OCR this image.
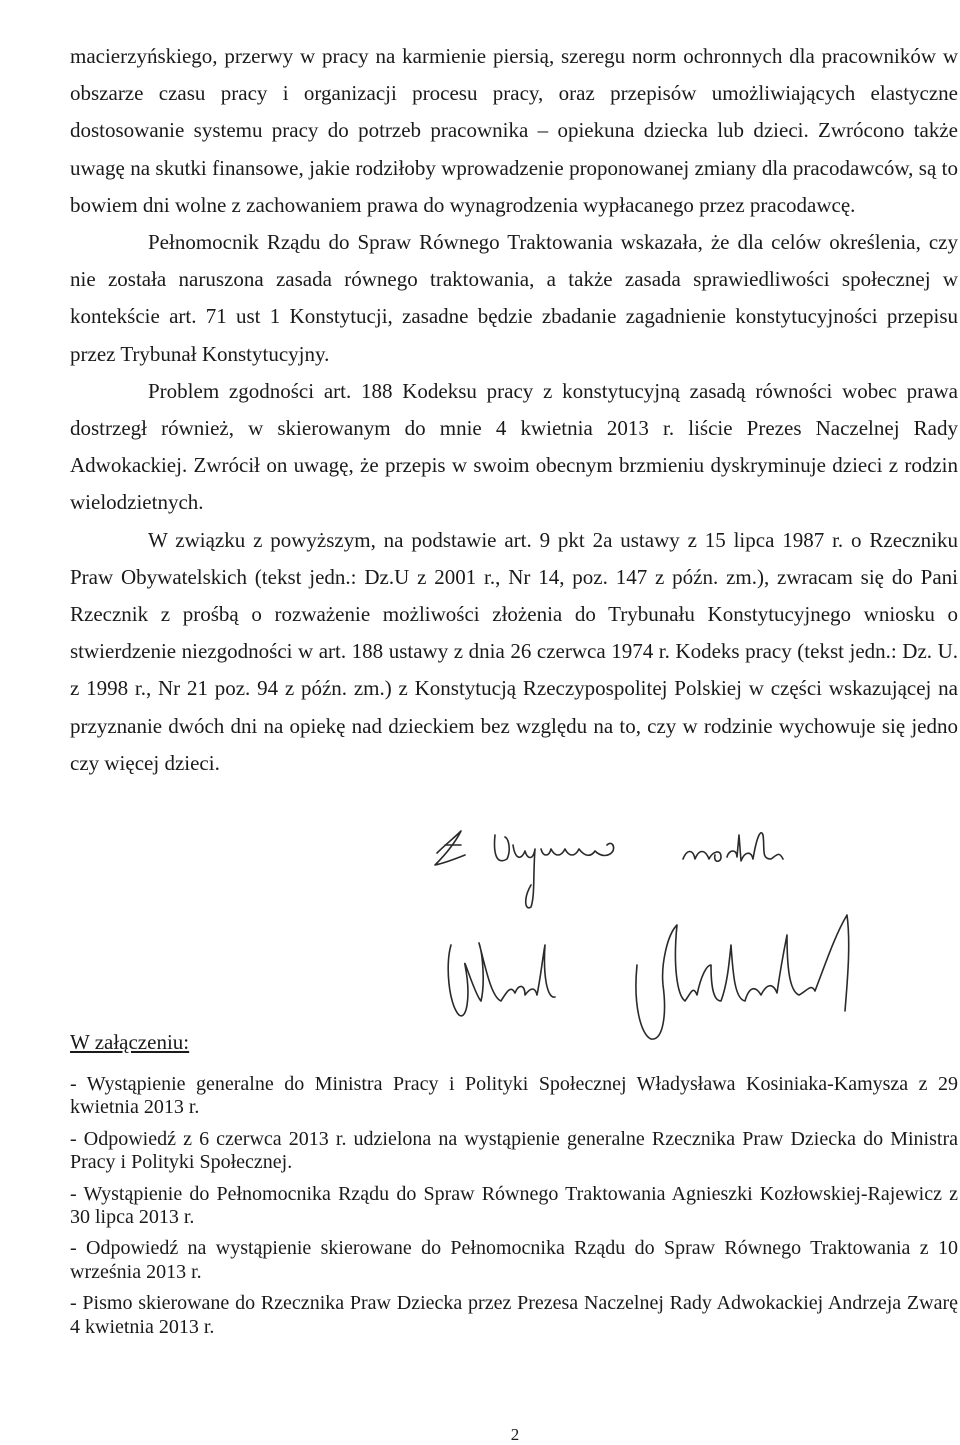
macierzyńskiego, przerwy w pracy na karmienie piersią, szeregu norm ochronnych dla pracowników w obszarze czasu pracy i organizacji procesu pracy, oraz przepisów umożliwiających elastyczne dostosowanie systemu pracy do potrzeb pracownika – opiekuna dziecka lub dzieci. Zwrócono także uwagę na skutki finansowe, jakie rodziłoby wprowadzenie proponowanej zmiany dla pracodawców, są to bowiem dni wolne z zachowaniem prawa do wynagrodzenia wypłacanego przez pracodawcę.

Pełnomocnik Rządu do Spraw Równego Traktowania wskazała, że dla celów określenia, czy nie została naruszona zasada równego traktowania, a także zasada sprawiedliwości społecznej w kontekście art. 71 ust 1 Konstytucji, zasadne będzie zbadanie zagadnienie konstytucyjności przepisu przez Trybunał Konstytucyjny.

Problem zgodności art. 188 Kodeksu pracy z konstytucyjną zasadą równości wobec prawa dostrzegł również, w skierowanym do mnie 4 kwietnia 2013 r. liście Prezes Naczelnej Rady Adwokackiej. Zwrócił on uwagę, że przepis w swoim obecnym brzmieniu dyskryminuje dzieci z rodzin wielodzietnych.

W związku z powyższym, na podstawie art. 9 pkt 2a ustawy z 15 lipca 1987 r. o Rzeczniku Praw Obywatelskich (tekst jedn.: Dz.U z 2001 r., Nr 14, poz. 147 z późn. zm.), zwracam się do Pani Rzecznik z prośbą o rozważenie możliwości złożenia do Trybunału Konstytucyjnego wniosku o stwierdzenie niezgodności w art. 188 ustawy z dnia 26 czerwca 1974 r. Kodeks pracy (tekst jedn.: Dz. U. z 1998 r., Nr 21 poz. 94 z późn. zm.) z Konstytucją Rzeczypospolitej Polskiej w części wskazującej na przyznanie dwóch dni na opiekę nad dzieckiem bez względu na to, czy w rodzinie wychowuje się jedno czy więcej dzieci.

W załączeniu:

- Wystąpienie generalne do Ministra Pracy i Polityki Społecznej Władysława Kosiniaka-Kamysza z 29 kwietnia 2013 r.
- Odpowiedź z 6 czerwca 2013 r. udzielona na wystąpienie generalne Rzecznika Praw Dziecka do Ministra Pracy i Polityki Społecznej.
- Wystąpienie do Pełnomocnika Rządu do Spraw Równego Traktowania Agnieszki Kozłowskiej-Rajewicz z 30 lipca 2013 r.
- Odpowiedź na wystąpienie skierowane do Pełnomocnika Rządu do Spraw Równego Traktowania z 10 września 2013 r.
- Pismo skierowane do Rzecznika Praw Dziecka przez Prezesa Naczelnej Rady Adwokackiej Andrzeja Zwarę 4 kwietnia 2013 r.

2
